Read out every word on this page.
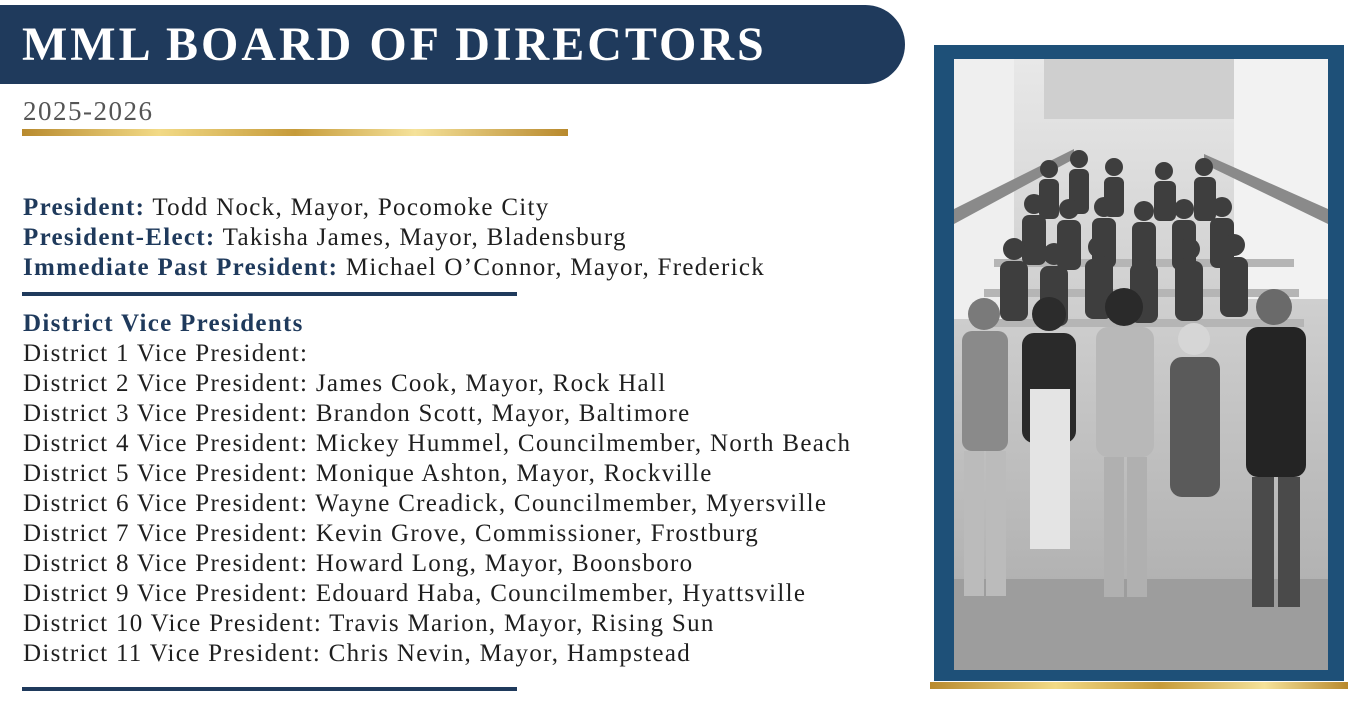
MML BOARD OF DIRECTORS
2025-2026
President: Todd Nock, Mayor, Pocomoke City
President-Elect: Takisha James, Mayor, Bladensburg
Immediate Past President: Michael O’Connor, Mayor, Frederick
District Vice Presidents
District 1 Vice President:
District 2 Vice President: James Cook, Mayor, Rock Hall
District 3 Vice President: Brandon Scott, Mayor, Baltimore
District 4 Vice President: Mickey Hummel, Councilmember, North Beach
District 5 Vice President: Monique Ashton, Mayor, Rockville
District 6 Vice President: Wayne Creadick, Councilmember, Myersville
District 7 Vice President: Kevin Grove, Commissioner, Frostburg
District 8 Vice President: Howard Long, Mayor, Boonsboro
District 9 Vice President: Edouard Haba, Councilmember, Hyattsville
District 10 Vice President: Travis Marion, Mayor, Rising Sun
District 11 Vice President: Chris Nevin, Mayor, Hampstead
